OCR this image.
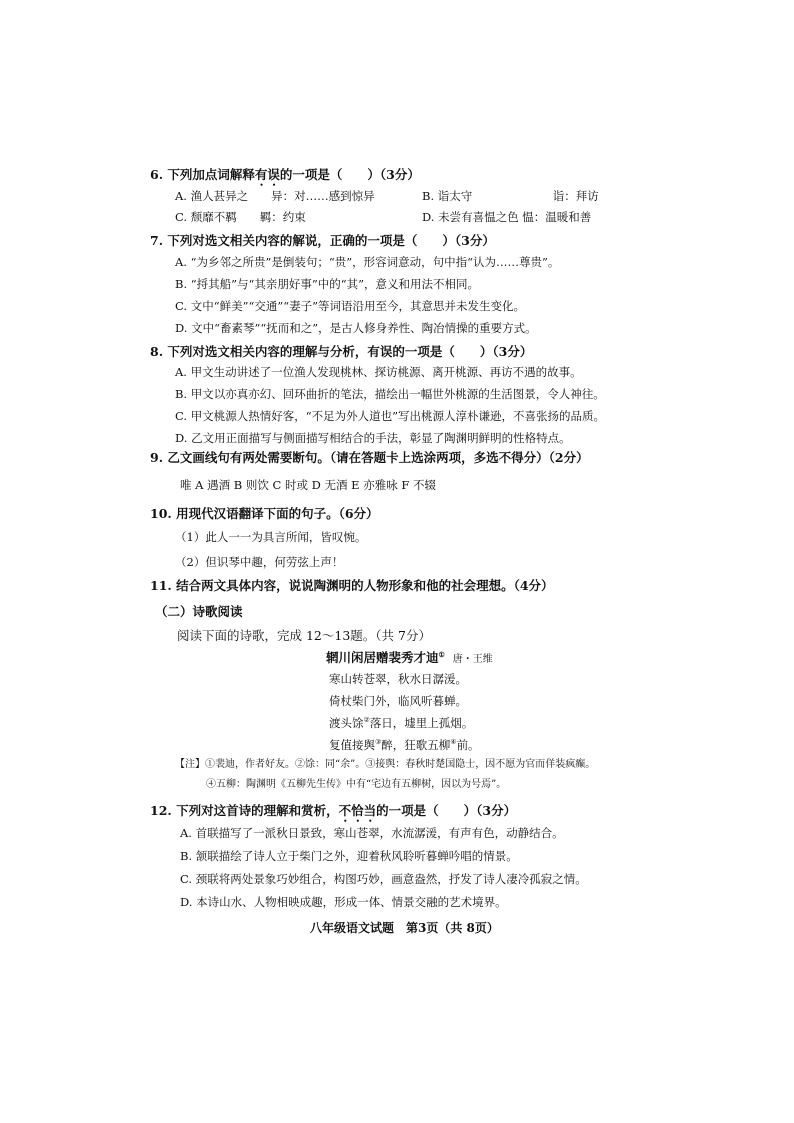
6. 下列加点词解释有误的一项是（　　）（3分）
A. 渔人甚异之　　异：对……感到惊异	B. 诣太守　　　　　　　诣：拜访
C. 颓靡不羁　　羁：约束	D. 未尝有喜愠之色 愠：温暖和善
7. 下列对选文相关内容的解说，正确的一项是（　　）（3分）
A. “为乡邻之所贵”是倒装句；“贵”，形容词意动，句中指“认为……尊贵”。
B. “捋其船”与“其亲朋好事”中的“其”，意义和用法不相同。
C. 文中“鲜美”“交通”“妻子”等词语沿用至今，其意思并未发生变化。
D. 文中“畜素琴”“抚而和之”，是古人修身养性、陶冶情操的重要方式。
8. 下列对选文相关内容的理解与分析，有误的一项是（　　）（3分）
A. 甲文生动讲述了一位渔人发现桃林、探访桃源、离开桃源、再访不遇的故事。
B. 甲文以亦真亦幻、回环曲折的笔法，描绘出一幅世外桃源的生活图景，令人神往。
C. 甲文桃源人热情好客，“不足为外人道也”写出桃源人淳朴谦逊，不喜张扬的品质。
D. 乙文用正面描写与侧面描写相结合的手法，彰显了陶渊明鲜明的性格特点。
9. 乙文画线句有两处需要断句。（请在答题卡上选涂两项，多选不得分）（2分）
唯 A 遇酒 B 则饮 C 时或 D 无酒 E 亦雅咏 F 不辍
10. 用现代汉语翻译下面的句子。（6分）
（1）此人一一为具言所闻，皆叹惋。
（2）但识琴中趣，何劳弦上声！
11. 结合两文具体内容，说说陶渊明的人物形象和他的社会理想。（4分）
（二）诗歌阅读
阅读下面的诗歌，完成 12～13题。（共 7分）
辋川闲居赠裴秀才迪① 唐・王维
寒山转苍翠，秋水日潺湲。
倚杖柴门外，临风听暮蝉。
渡头馀②落日，墟里上孤烟。
复值接舆③醉，狂歌五柳④前。
【注】①裴迪，作者好友。②馀：同“余”。③接舆：春秋时楚国隐士，因不愿为官而佯装疯癫。
④五柳：陶渊明《五柳先生传》中有“宅边有五柳树，因以为号焉”。
12. 下列对这首诗的理解和赏析，不恰当的一项是（　　）（3分）
A. 首联描写了一派秋日景致，寒山苍翠，水流潺湲，有声有色，动静结合。
B. 颔联描绘了诗人立于柴门之外，迎着秋风聆听暮蝉吟唱的情景。
C. 颈联将两处景象巧妙组合，构图巧妙，画意盎然，抒发了诗人凄冷孤寂之情。
D. 本诗山水、人物相映成趣，形成一体、情景交融的艺术境界。
八年级语文试题　第3页（共 8页）
